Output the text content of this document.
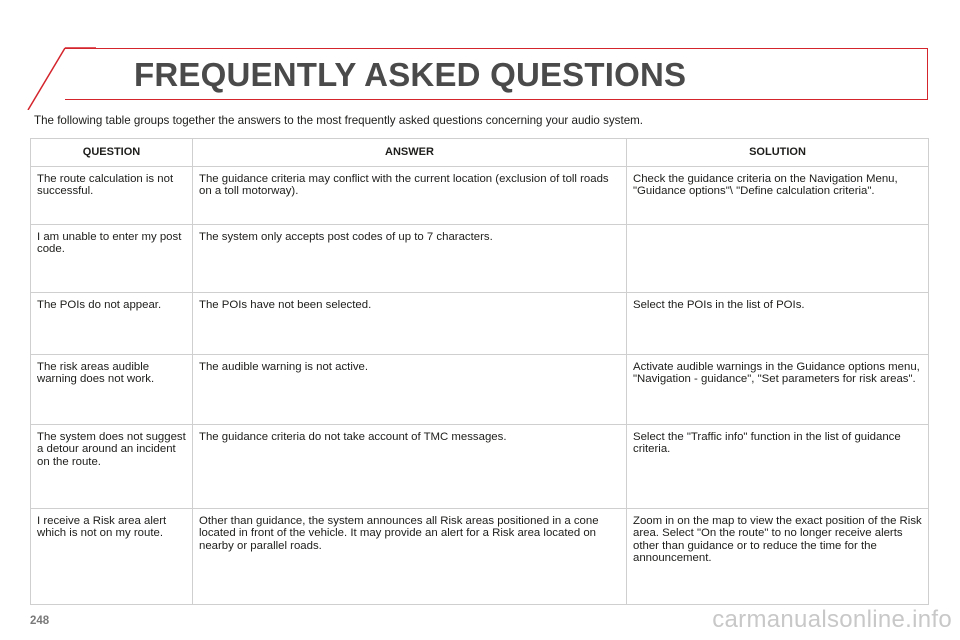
FREQUENTLY ASKED QUESTIONS
The following table groups together the answers to the most frequently asked questions concerning your audio system.
QUESTION	ANSWER	SOLUTION
The route calculation is not successful.	The guidance criteria may conflict with the current location (exclusion of toll roads on a toll motorway).	Check the guidance criteria on the Navigation Menu, "Guidance options"\ "Define calculation criteria".
I am unable to enter my post code.	The system only accepts post codes of up to 7 characters.	
The POIs do not appear.	The POIs have not been selected.	Select the POIs in the list of POIs.
The risk areas audible warning does not work.	The audible warning is not active.	Activate audible warnings in the Guidance options menu, "Navigation - guidance", "Set parameters for risk areas".
The system does not suggest a detour around an incident on the route.	The guidance criteria do not take account of TMC messages.	Select the "Traffic info" function in the list of guidance criteria.
I receive a Risk area alert which is not on my route.	Other than guidance, the system announces all Risk areas positioned in a cone located in front of the vehicle. It may provide an alert for a Risk area located on nearby or parallel roads.	Zoom in on the map to view the exact position of the Risk area. Select "On the route" to no longer receive alerts other than guidance or to reduce the time for the announcement.
248	carmanualsonline.info
